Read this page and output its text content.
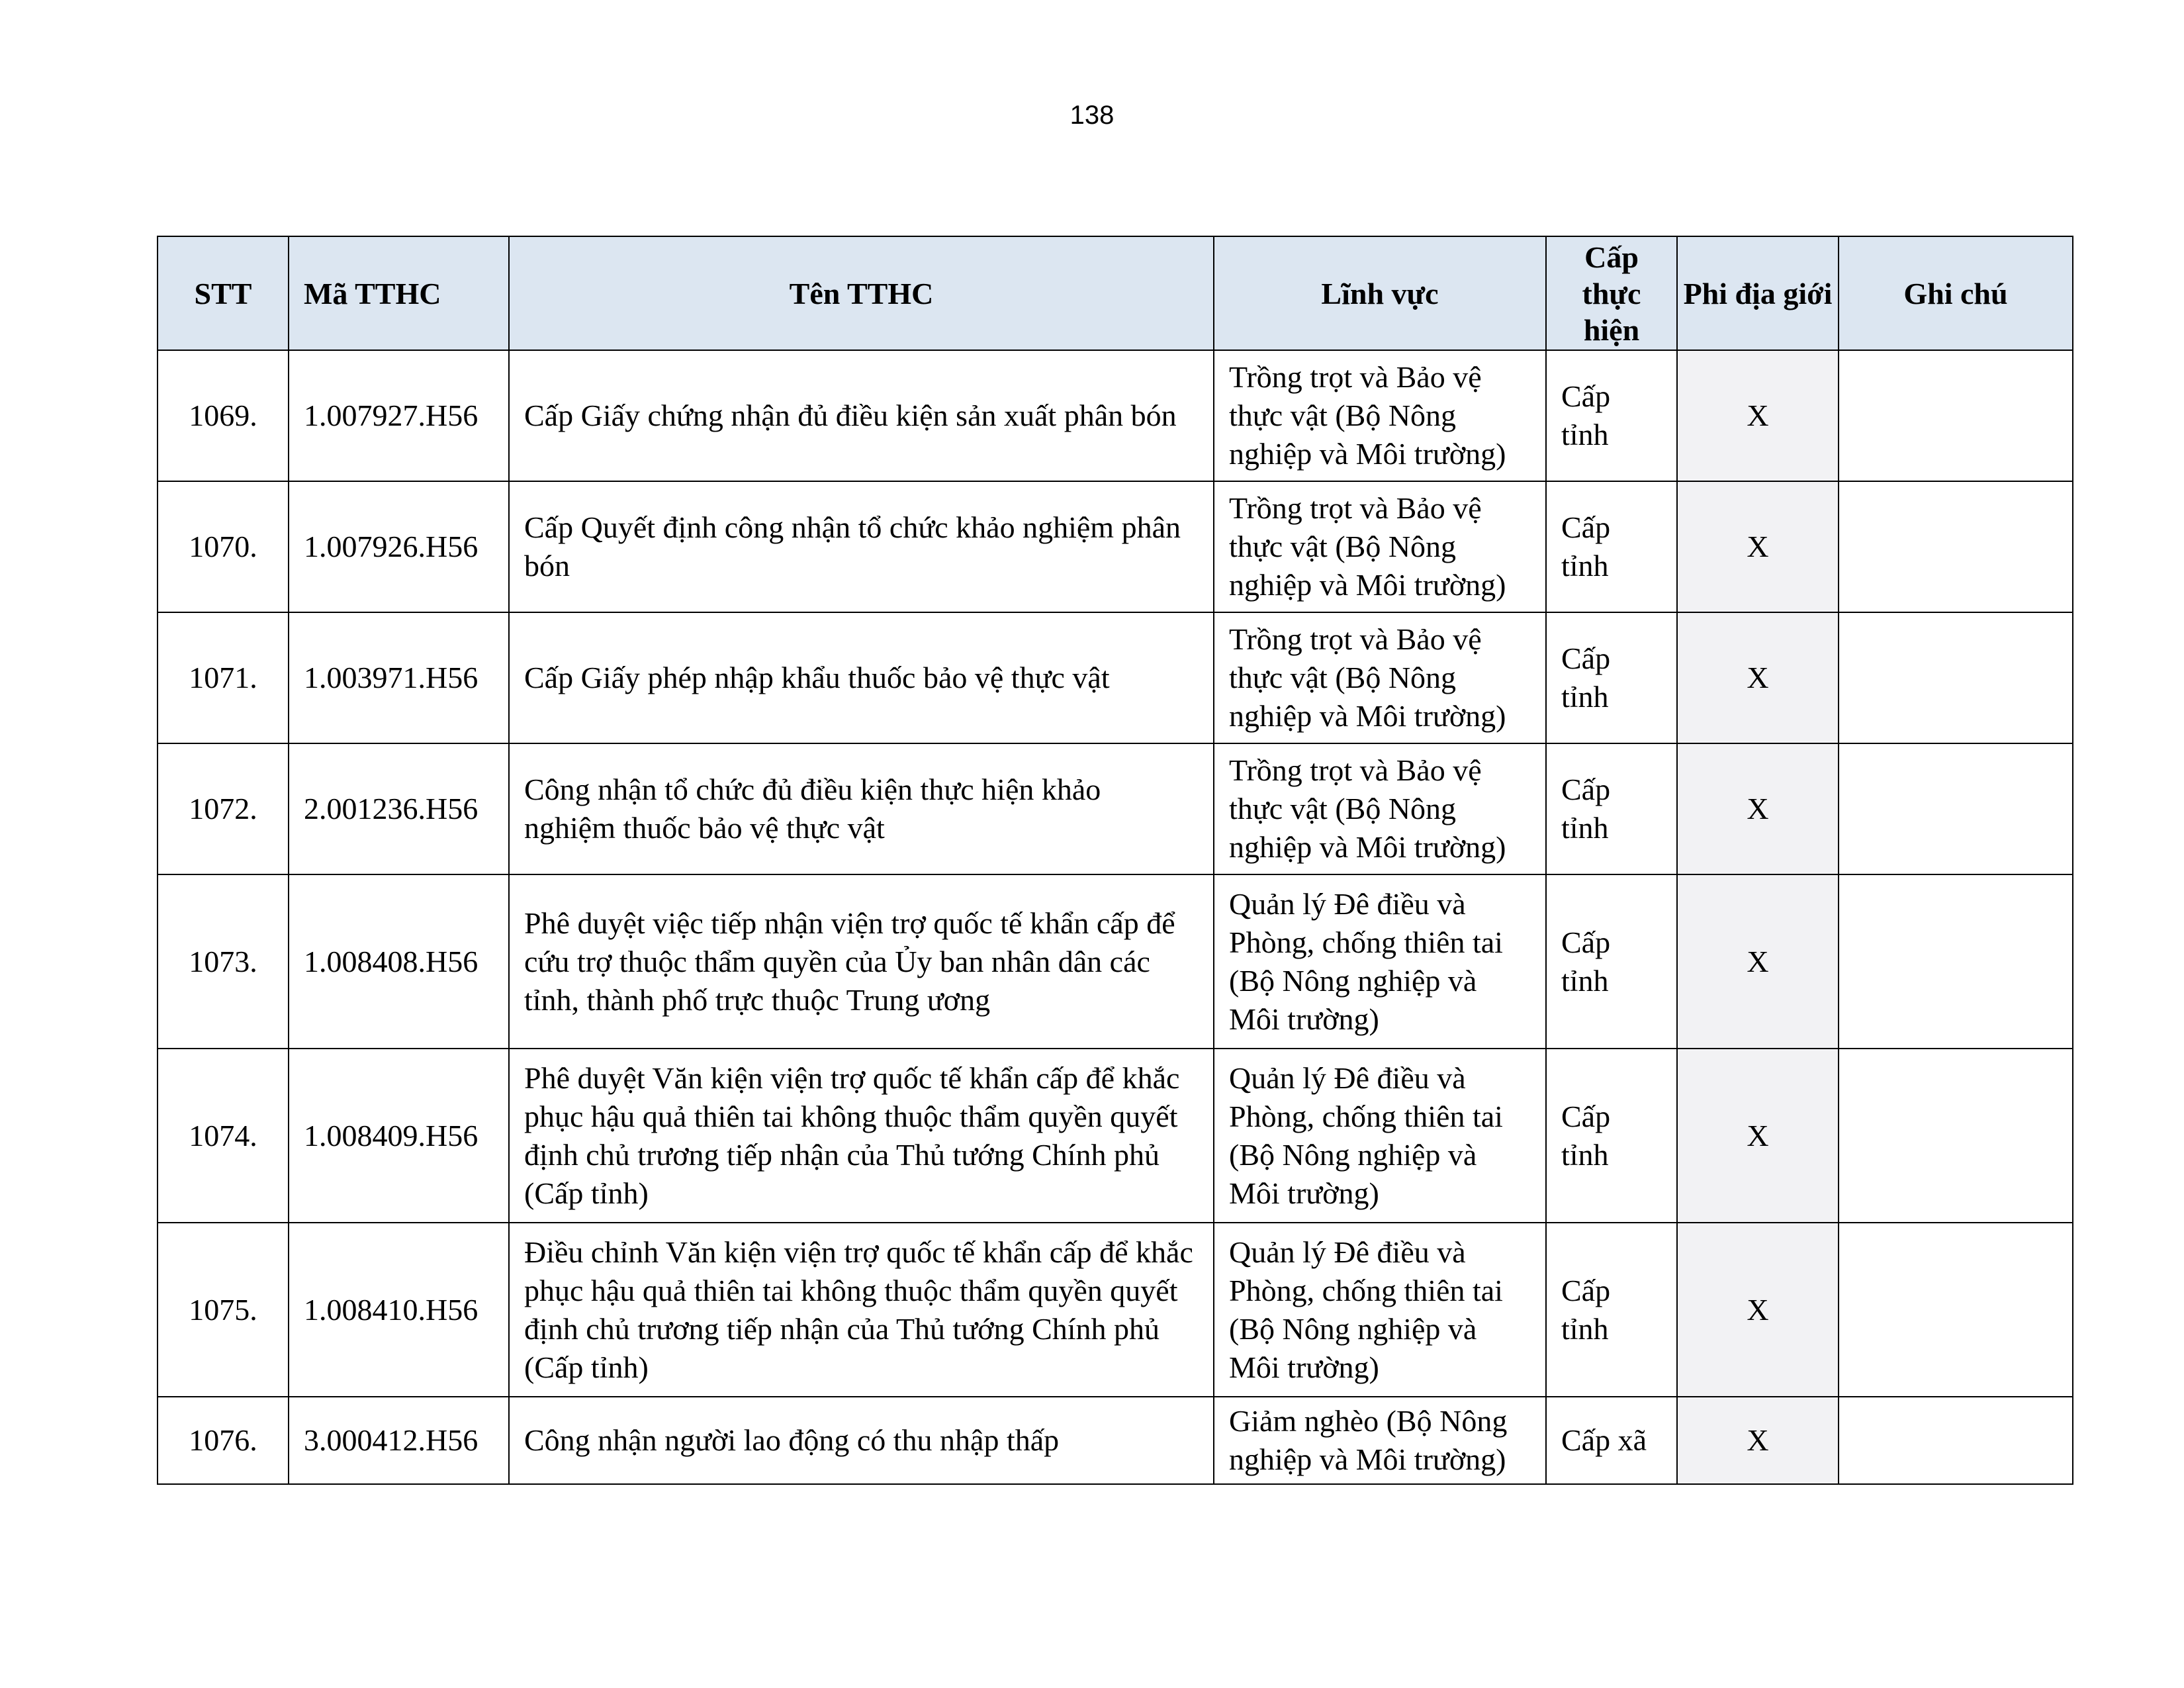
138
STT	Mã TTHC	Tên TTHC	Lĩnh vực	Cấp thực hiện	Phi địa giới	Ghi chú
1069.	1.007927.H56	Cấp Giấy chứng nhận đủ điều kiện sản xuất phân bón	Trồng trọt và Bảo vệ thực vật (Bộ Nông nghiệp và Môi trường)	Cấp tỉnh	X	
1070.	1.007926.H56	Cấp Quyết định công nhận tổ chức khảo nghiệm phân bón	Trồng trọt và Bảo vệ thực vật (Bộ Nông nghiệp và Môi trường)	Cấp tỉnh	X	
1071.	1.003971.H56	Cấp Giấy phép nhập khẩu thuốc bảo vệ thực vật	Trồng trọt và Bảo vệ thực vật (Bộ Nông nghiệp và Môi trường)	Cấp tỉnh	X	
1072.	2.001236.H56	Công nhận tổ chức đủ điều kiện thực hiện khảo nghiệm thuốc bảo vệ thực vật	Trồng trọt và Bảo vệ thực vật (Bộ Nông nghiệp và Môi trường)	Cấp tỉnh	X	
1073.	1.008408.H56	Phê duyệt việc tiếp nhận viện trợ quốc tế khẩn cấp để cứu trợ thuộc thẩm quyền của Ủy ban nhân dân các tỉnh, thành phố trực thuộc Trung ương	Quản lý Đê điều và Phòng, chống thiên tai (Bộ Nông nghiệp và Môi trường)	Cấp tỉnh	X	
1074.	1.008409.H56	Phê duyệt Văn kiện viện trợ quốc tế khẩn cấp để khắc phục hậu quả thiên tai không thuộc thẩm quyền quyết định chủ trương tiếp nhận của Thủ tướng Chính phủ (Cấp tỉnh)	Quản lý Đê điều và Phòng, chống thiên tai (Bộ Nông nghiệp và Môi trường)	Cấp tỉnh	X	
1075.	1.008410.H56	Điều chỉnh Văn kiện viện trợ quốc tế khẩn cấp để khắc phục hậu quả thiên tai không thuộc thẩm quyền quyết định chủ trương tiếp nhận của Thủ tướng Chính phủ (Cấp tỉnh)	Quản lý Đê điều và Phòng, chống thiên tai (Bộ Nông nghiệp và Môi trường)	Cấp tỉnh	X	
1076.	3.000412.H56	Công nhận người lao động có thu nhập thấp	Giảm nghèo (Bộ Nông nghiệp và Môi trường)	Cấp xã	X	
